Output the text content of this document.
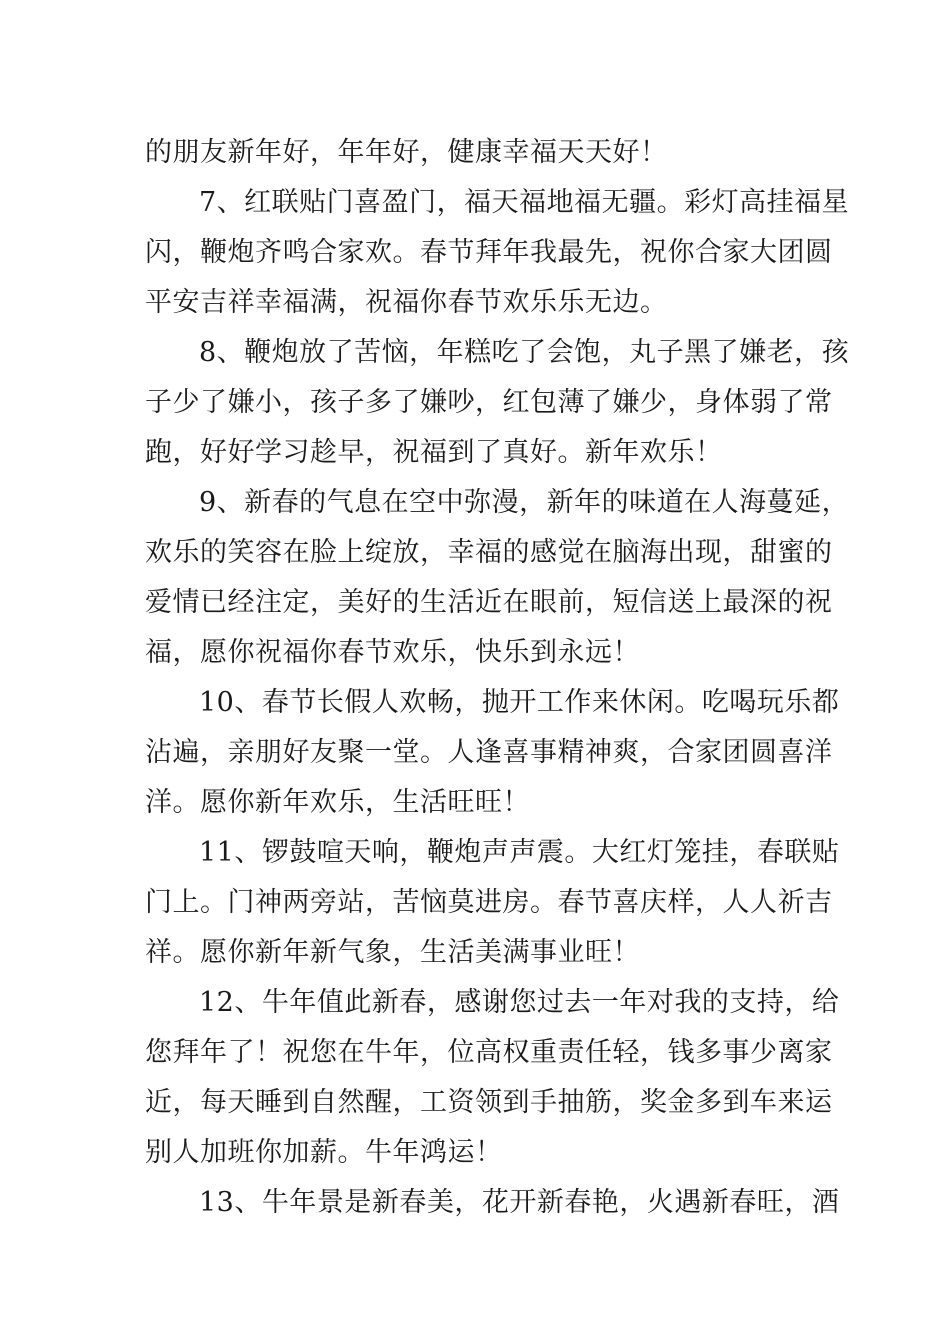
的朋友新年好，年年好，健康幸福天天好！
7、红联贴门喜盈门，福天福地福无疆。彩灯高挂福星
闪，鞭炮齐鸣合家欢。春节拜年我最先，祝你合家大团圆
平安吉祥幸福满，祝福你春节欢乐乐无边。
8、鞭炮放了苦恼，年糕吃了会饱，丸子黑了嫌老，孩
子少了嫌小，孩子多了嫌吵，红包薄了嫌少，身体弱了常
跑，好好学习趁早，祝福到了真好。新年欢乐！
9、新春的气息在空中弥漫，新年的味道在人海蔓延，
欢乐的笑容在脸上绽放，幸福的感觉在脑海出现，甜蜜的
爱情已经注定，美好的生活近在眼前，短信送上最深的祝
福，愿你祝福你春节欢乐，快乐到永远！
10、春节长假人欢畅，抛开工作来休闲。吃喝玩乐都
沾遍，亲朋好友聚一堂。人逢喜事精神爽，合家团圆喜洋
洋。愿你新年欢乐，生活旺旺！
11、锣鼓喧天响，鞭炮声声震。大红灯笼挂，春联贴
门上。门神两旁站，苦恼莫进房。春节喜庆样，人人祈吉
祥。愿你新年新气象，生活美满事业旺！
12、牛年值此新春，感谢您过去一年对我的支持，给
您拜年了！祝您在牛年，位高权重责任轻，钱多事少离家
近，每天睡到自然醒，工资领到手抽筋，奖金多到车来运
别人加班你加薪。牛年鸿运！
13、牛年景是新春美，花开新春艳，火遇新春旺，酒
